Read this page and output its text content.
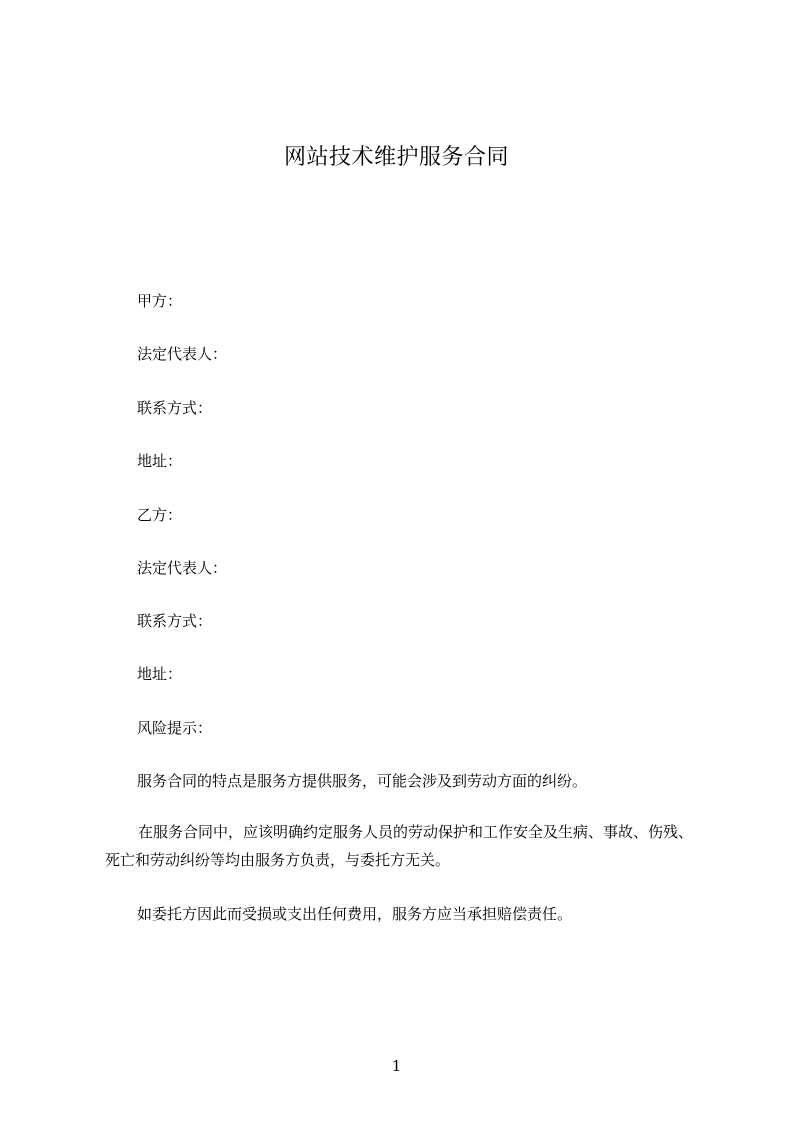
网站技术维护服务合同
甲方：
法定代表人：
联系方式：
地址：
乙方：
法定代表人：
联系方式：
地址：
风险提示：
服务合同的特点是服务方提供服务，可能会涉及到劳动方面的纠纷。
在服务合同中，应该明确约定服务人员的劳动保护和工作安全及生病、事故、伤残、死亡和劳动纠纷等均由服务方负责，与委托方无关。
如委托方因此而受损或支出任何费用，服务方应当承担赔偿责任。
1
